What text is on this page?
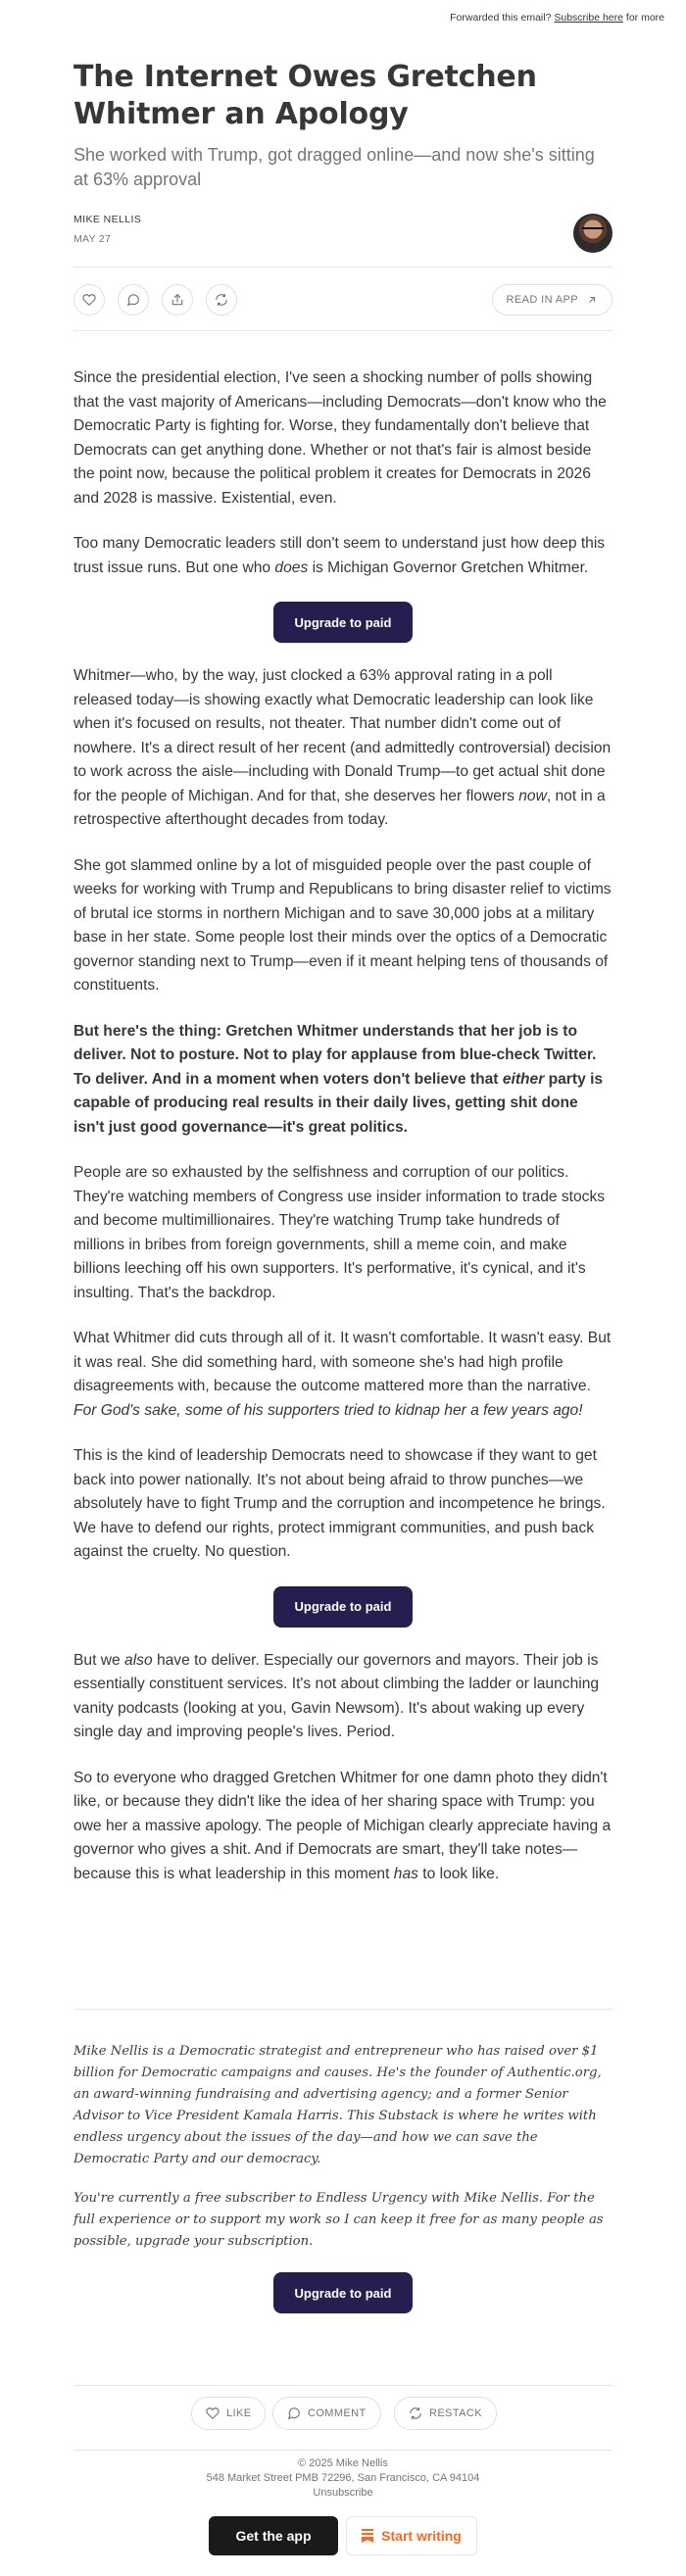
Forwarded this email? Subscribe here for more
The Internet Owes Gretchen Whitmer an Apology

She worked with Trump, got dragged online—and now she's sitting at 63% approval

MIKE NELLIS
MAY 27
READ IN APP

Since the presidential election, I've seen a shocking number of polls showing that the vast majority of Americans—including Democrats—don't know who the Democratic Party is fighting for. Worse, they fundamentally don't believe that Democrats can get anything done. Whether or not that's fair is almost beside the point now, because the political problem it creates for Democrats in 2026 and 2028 is massive. Existential, even.

Too many Democratic leaders still don't seem to understand just how deep this trust issue runs. But one who does is Michigan Governor Gretchen Whitmer.

Upgrade to paid

Whitmer—who, by the way, just clocked a 63% approval rating in a poll released today—is showing exactly what Democratic leadership can look like when it's focused on results, not theater. That number didn't come out of nowhere. It's a direct result of her recent (and admittedly controversial) decision to work across the aisle—including with Donald Trump—to get actual shit done for the people of Michigan. And for that, she deserves her flowers now, not in a retrospective afterthought decades from today.

She got slammed online by a lot of misguided people over the past couple of weeks for working with Trump and Republicans to bring disaster relief to victims of brutal ice storms in northern Michigan and to save 30,000 jobs at a military base in her state. Some people lost their minds over the optics of a Democratic governor standing next to Trump—even if it meant helping tens of thousands of constituents.

But here's the thing: Gretchen Whitmer understands that her job is to deliver. Not to posture. Not to play for applause from blue-check Twitter. To deliver. And in a moment when voters don't believe that either party is capable of producing real results in their daily lives, getting shit done isn't just good governance—it's great politics.

People are so exhausted by the selfishness and corruption of our politics. They're watching members of Congress use insider information to trade stocks and become multimillionaires. They're watching Trump take hundreds of millions in bribes from foreign governments, shill a meme coin, and make billions leeching off his own supporters. It's performative, it's cynical, and it's insulting. That's the backdrop.

What Whitmer did cuts through all of it. It wasn't comfortable. It wasn't easy. But it was real. She did something hard, with someone she's had high profile disagreements with, because the outcome mattered more than the narrative. For God's sake, some of his supporters tried to kidnap her a few years ago!

This is the kind of leadership Democrats need to showcase if they want to get back into power nationally. It's not about being afraid to throw punches—we absolutely have to fight Trump and the corruption and incompetence he brings. We have to defend our rights, protect immigrant communities, and push back against the cruelty. No question.

Upgrade to paid

But we also have to deliver. Especially our governors and mayors. Their job is essentially constituent services. It's not about climbing the ladder or launching vanity podcasts (looking at you, Gavin Newsom). It's about waking up every single day and improving people's lives. Period.

So to everyone who dragged Gretchen Whitmer for one damn photo they didn't like, or because they didn't like the idea of her sharing space with Trump: you owe her a massive apology. The people of Michigan clearly appreciate having a governor who gives a shit. And if Democrats are smart, they'll take notes—because this is what leadership in this moment has to look like.

Mike Nellis is a Democratic strategist and entrepreneur who has raised over $1 billion for Democratic campaigns and causes. He's the founder of Authentic.org, an award-winning fundraising and advertising agency; and a former Senior Advisor to Vice President Kamala Harris. This Substack is where he writes with endless urgency about the issues of the day—and how we can save the Democratic Party and our democracy.

You're currently a free subscriber to Endless Urgency with Mike Nellis. For the full experience or to support my work so I can keep it free for as many people as possible, upgrade your subscription.

Upgrade to paid
LIKE	COMMENT	RESTACK
© 2025 Mike Nellis
548 Market Street PMB 72296, San Francisco, CA 94104
Unsubscribe
Get the app	Start writing
